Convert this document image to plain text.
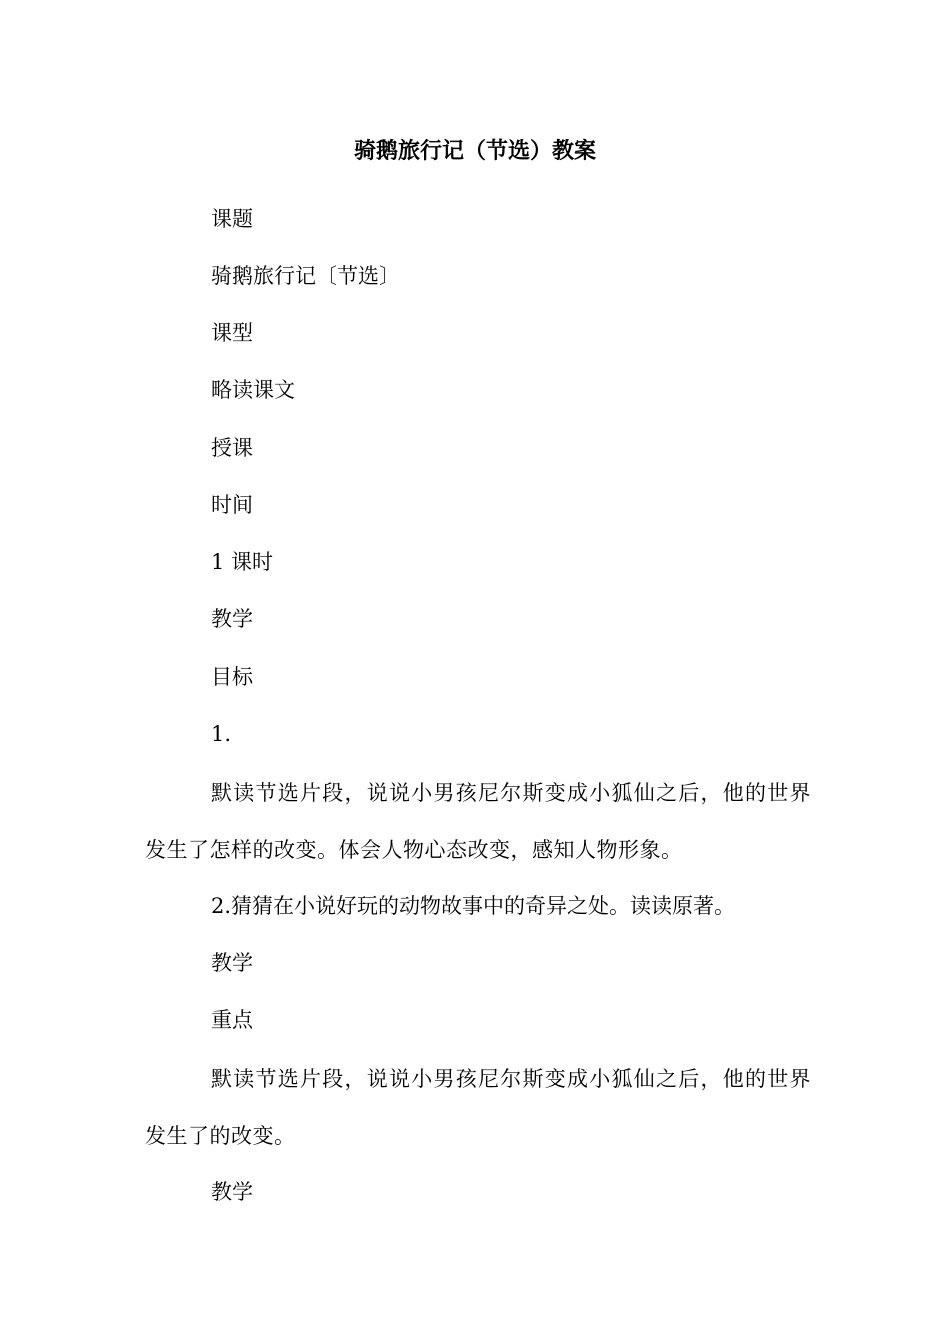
骑鹅旅行记（节选）教案
课题
骑鹅旅行记〔节选〕
课型
略读课文
授课
时间
1 课时
教学
目标
1.
默读节选片段，说说小男孩尼尔斯变成小狐仙之后，他的世界发生了怎样的改变。体会人物心态改变，感知人物形象。
2.猜猜在小说好玩的动物故事中的奇异之处。读读原著。
教学
重点
默读节选片段，说说小男孩尼尔斯变成小狐仙之后，他的世界发生了的改变。
教学
